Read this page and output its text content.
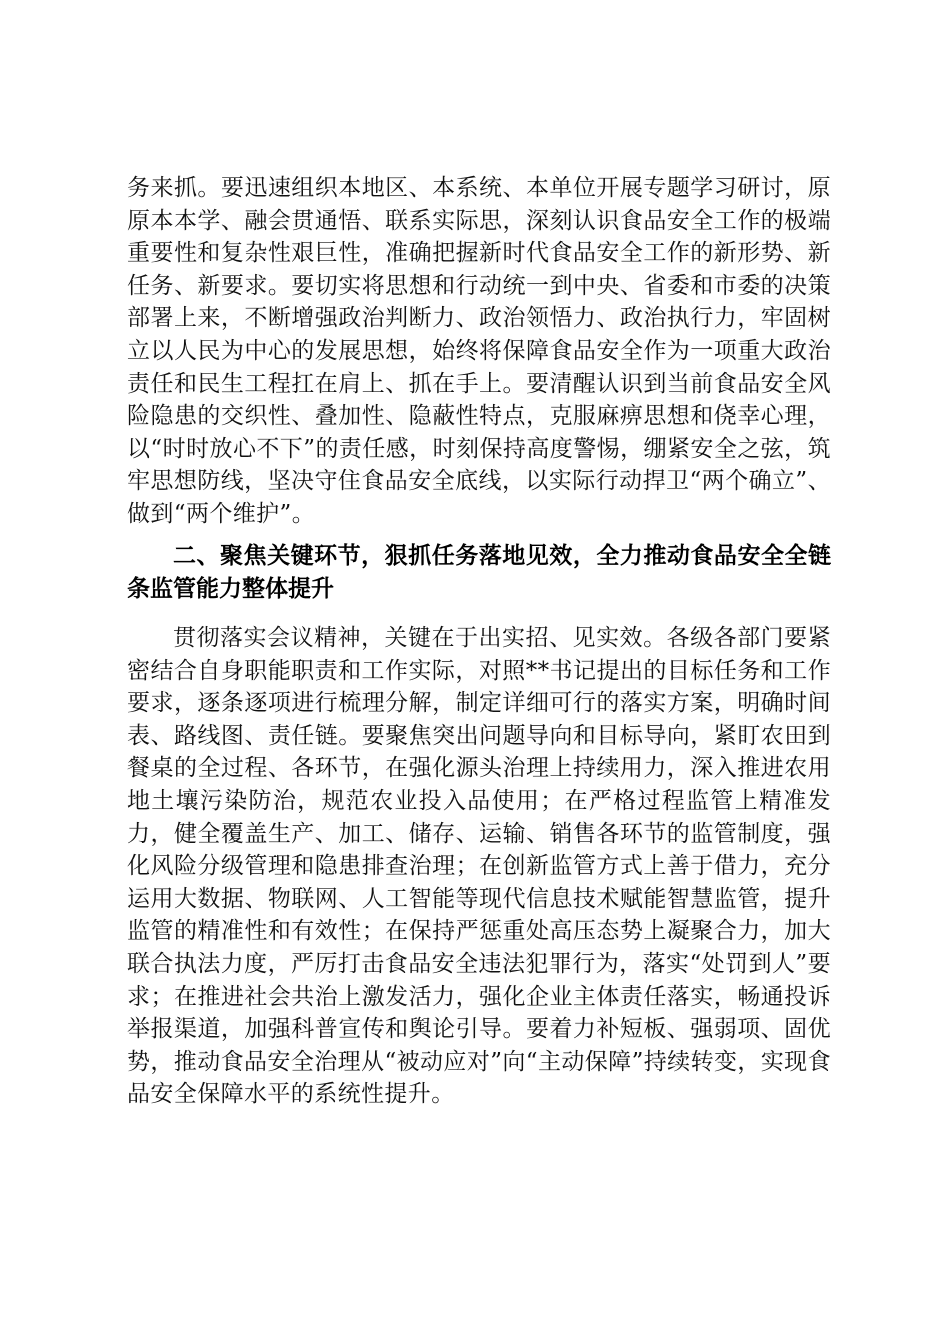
务来抓。要迅速组织本地区、本系统、本单位开展专题学习研讨，原原本本学、融会贯通悟、联系实际思，深刻认识食品安全工作的极端重要性和复杂性艰巨性，准确把握新时代食品安全工作的新形势、新任务、新要求。要切实将思想和行动统一到中央、省委和市委的决策部署上来，不断增强政治判断力、政治领悟力、政治执行力，牢固树立以人民为中心的发展思想，始终将保障食品安全作为一项重大政治责任和民生工程扛在肩上、抓在手上。要清醒认识到当前食品安全风险隐患的交织性、叠加性、隐蔽性特点，克服麻痹思想和侥幸心理，以“时时放心不下”的责任感，时刻保持高度警惕，绷紧安全之弦，筑牢思想防线，坚决守住食品安全底线，以实际行动捍卫“两个确立”、做到“两个维护”。

二、聚焦关键环节，狠抓任务落地见效，全力推动食品安全全链条监管能力整体提升

贯彻落实会议精神，关键在于出实招、见实效。各级各部门要紧密结合自身职能职责和工作实际，对照**书记提出的目标任务和工作要求，逐条逐项进行梳理分解，制定详细可行的落实方案，明确时间表、路线图、责任链。要聚焦突出问题导向和目标导向，紧盯农田到餐桌的全过程、各环节，在强化源头治理上持续用力，深入推进农用地土壤污染防治，规范农业投入品使用；在严格过程监管上精准发力，健全覆盖生产、加工、储存、运输、销售各环节的监管制度，强化风险分级管理和隐患排查治理；在创新监管方式上善于借力，充分运用大数据、物联网、人工智能等现代信息技术赋能智慧监管，提升监管的精准性和有效性；在保持严惩重处高压态势上凝聚合力，加大联合执法力度，严厉打击食品安全违法犯罪行为，落实“处罚到人”要求；在推进社会共治上激发活力，强化企业主体责任落实，畅通投诉举报渠道，加强科普宣传和舆论引导。要着力补短板、强弱项、固优势，推动食品安全治理从“被动应对”向“主动保障”持续转变，实现食品安全保障水平的系统性提升。
